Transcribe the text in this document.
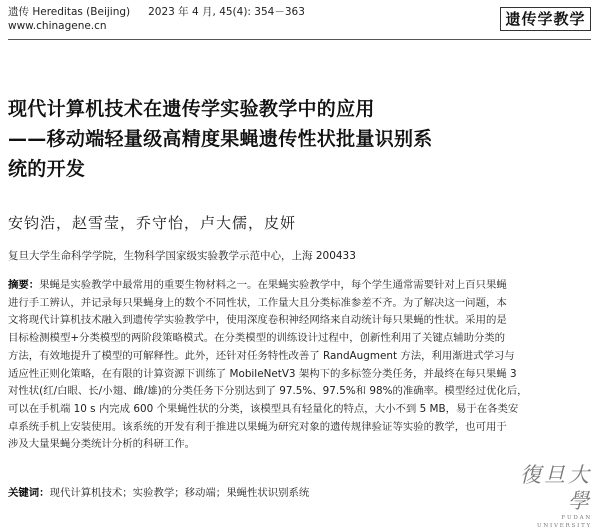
遗传 Hereditas (Beijing) 2023 年 4 月, 45(4): 354－363
www.chinagene.cn	遗传学教学
现代计算机技术在遗传学实验教学中的应用
——移动端轻量级高精度果蝇遗传性状批量识别系
统的开发
安钧浩，赵雪莹，乔守怡，卢大儒，皮妍
复旦大学生命科学学院，生物科学国家级实验教学示范中心，上海 200433
摘要：果蝇是实验教学中最常用的重要生物材料之一。在果蝇实验教学中，每个学生通常需要针对上百只果蝇
进行手工辨认，并记录每只果蝇身上的数个不同性状，工作量大且分类标准参差不齐。为了解决这一问题，本
文将现代计算机技术融入到遗传学实验教学中，使用深度卷积神经网络来自动统计每只果蝇的性状。采用的是
目标检测模型+分类模型的两阶段策略模式。在分类模型的训练设计过程中，创新性利用了关键点辅助分类的
方法，有效地提升了模型的可解释性。此外，还针对任务特性改善了 RandAugment 方法，利用渐进式学习与
适应性正则化策略，在有限的计算资源下训练了 MobileNetV3 架构下的多标签分类任务，并最终在每只果蝇 3
对性状(红/白眼、长/小翅、雌/雄)的分类任务下分别达到了 97.5%、97.5%和 98%的准确率。模型经过优化后，
可以在手机端 10 s 内完成 600 个果蝇性状的分类，该模型具有轻量化的特点，大小不到 5 MB，易于在各类安
卓系统手机上安装使用。该系统的开发有利于推进以果蝇为研究对象的遗传规律验证等实验的教学，也可用于
涉及大量果蝇分类统计分析的科研工作。
关键词：现代计算机技术；实验教学；移动端；果蝇性状识别系统
復旦大學
FUDAN UNIVERSITY
